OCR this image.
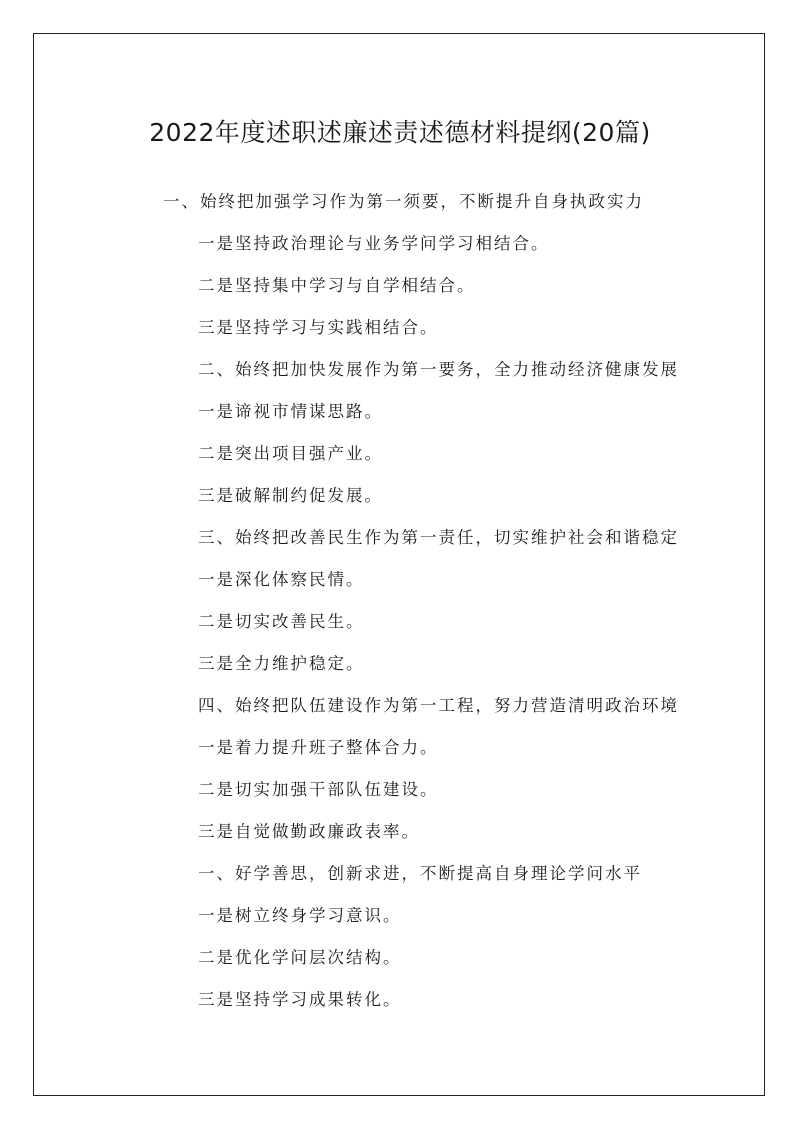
2022年度述职述廉述责述德材料提纲(20篇)
一、始终把加强学习作为第一须要，不断提升自身执政实力
一是坚持政治理论与业务学问学习相结合。
二是坚持集中学习与自学相结合。
三是坚持学习与实践相结合。
二、始终把加快发展作为第一要务，全力推动经济健康发展
一是谛视市情谋思路。
二是突出项目强产业。
三是破解制约促发展。
三、始终把改善民生作为第一责任，切实维护社会和谐稳定
一是深化体察民情。
二是切实改善民生。
三是全力维护稳定。
四、始终把队伍建设作为第一工程，努力营造清明政治环境
一是着力提升班子整体合力。
二是切实加强干部队伍建设。
三是自觉做勤政廉政表率。
一、好学善思，创新求进，不断提高自身理论学问水平
一是树立终身学习意识。
二是优化学问层次结构。
三是坚持学习成果转化。
